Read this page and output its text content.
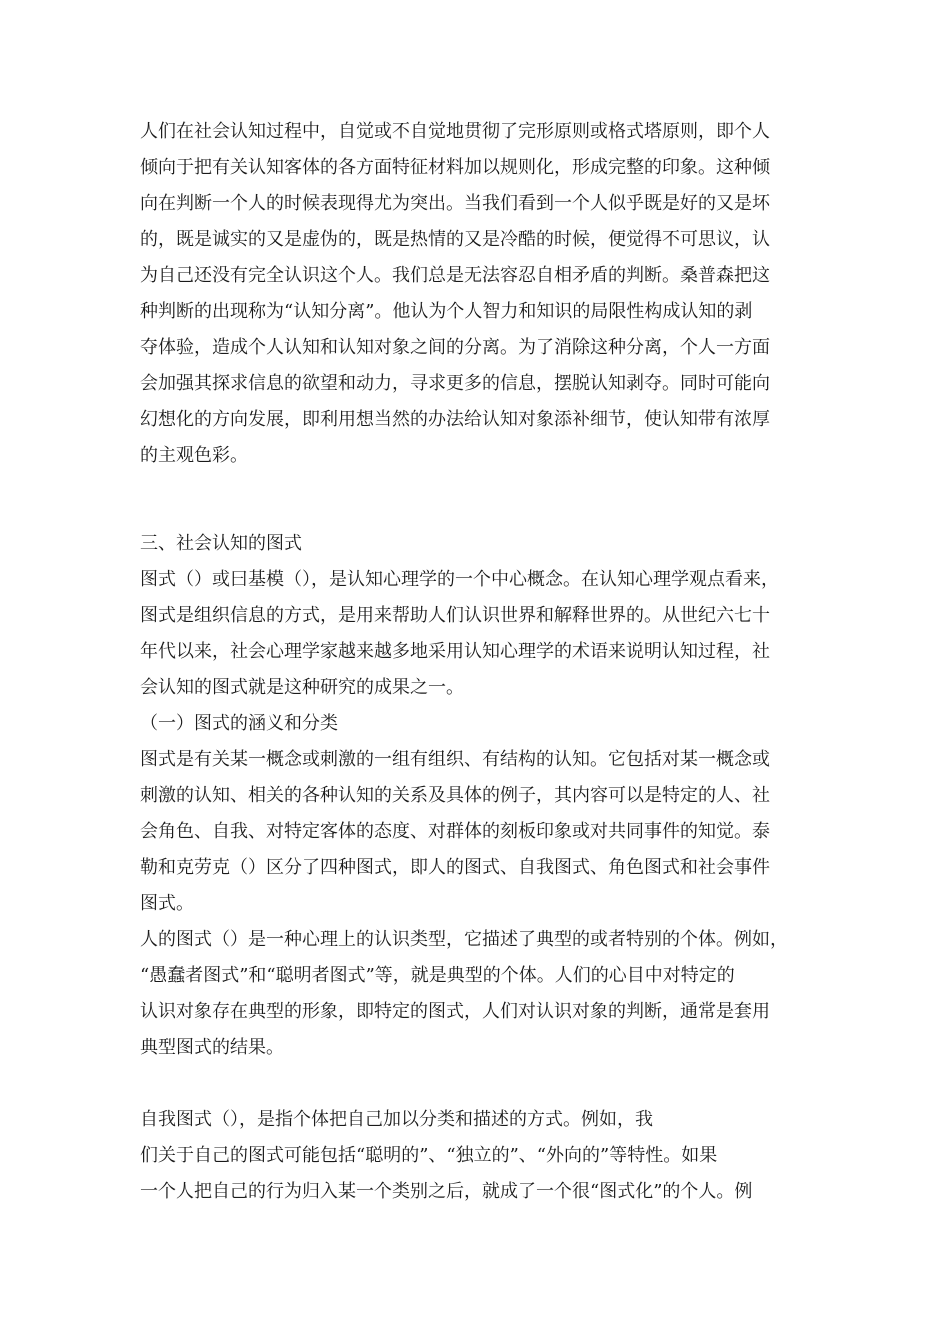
人们在社会认知过程中，自觉或不自觉地贯彻了完形原则或格式塔原则，即个人
倾向于把有关认知客体的各方面特征材料加以规则化，形成完整的印象。这种倾
向在判断一个人的时候表现得尤为突出。当我们看到一个人似乎既是好的又是坏
的，既是诚实的又是虚伪的，既是热情的又是冷酷的时候，便觉得不可思议，认
为自己还没有完全认识这个人。我们总是无法容忍自相矛盾的判断。桑普森把这
种判断的出现称为“认知分离”。他认为个人智力和知识的局限性构成认知的剥
夺体验，造成个人认知和认知对象之间的分离。为了消除这种分离，个人一方面
会加强其探求信息的欲望和动力，寻求更多的信息，摆脱认知剥夺。同时可能向
幻想化的方向发展，即利用想当然的办法给认知对象添补细节，使认知带有浓厚
的主观色彩。
三、社会认知的图式
图式（）或曰基模（），是认知心理学的一个中心概念。在认知心理学观点看来，
图式是组织信息的方式，是用来帮助人们认识世界和解释世界的。从世纪六七十
年代以来，社会心理学家越来越多地采用认知心理学的术语来说明认知过程，社
会认知的图式就是这种研究的成果之一。
（一）图式的涵义和分类
图式是有关某一概念或刺激的一组有组织、有结构的认知。它包括对某一概念或
刺激的认知、相关的各种认知的关系及具体的例子，其内容可以是特定的人、社
会角色、自我、对特定客体的态度、对群体的刻板印象或对共同事件的知觉。泰
勒和克劳克（）区分了四种图式，即人的图式、自我图式、角色图式和社会事件
图式。
人的图式（）是一种心理上的认识类型，它描述了典型的或者特别的个体。例如，
“愚蠢者图式”和“聪明者图式”等，就是典型的个体。人们的心目中对特定的
认识对象存在典型的形象，即特定的图式，人们对认识对象的判断，通常是套用
典型图式的结果。
自我图式（），是指个体把自己加以分类和描述的方式。例如，我
们关于自己的图式可能包括“聪明的”、“独立的”、“外向的”等特性。如果
一个人把自己的行为归入某一个类别之后，就成了一个很“图式化”的个人。例
